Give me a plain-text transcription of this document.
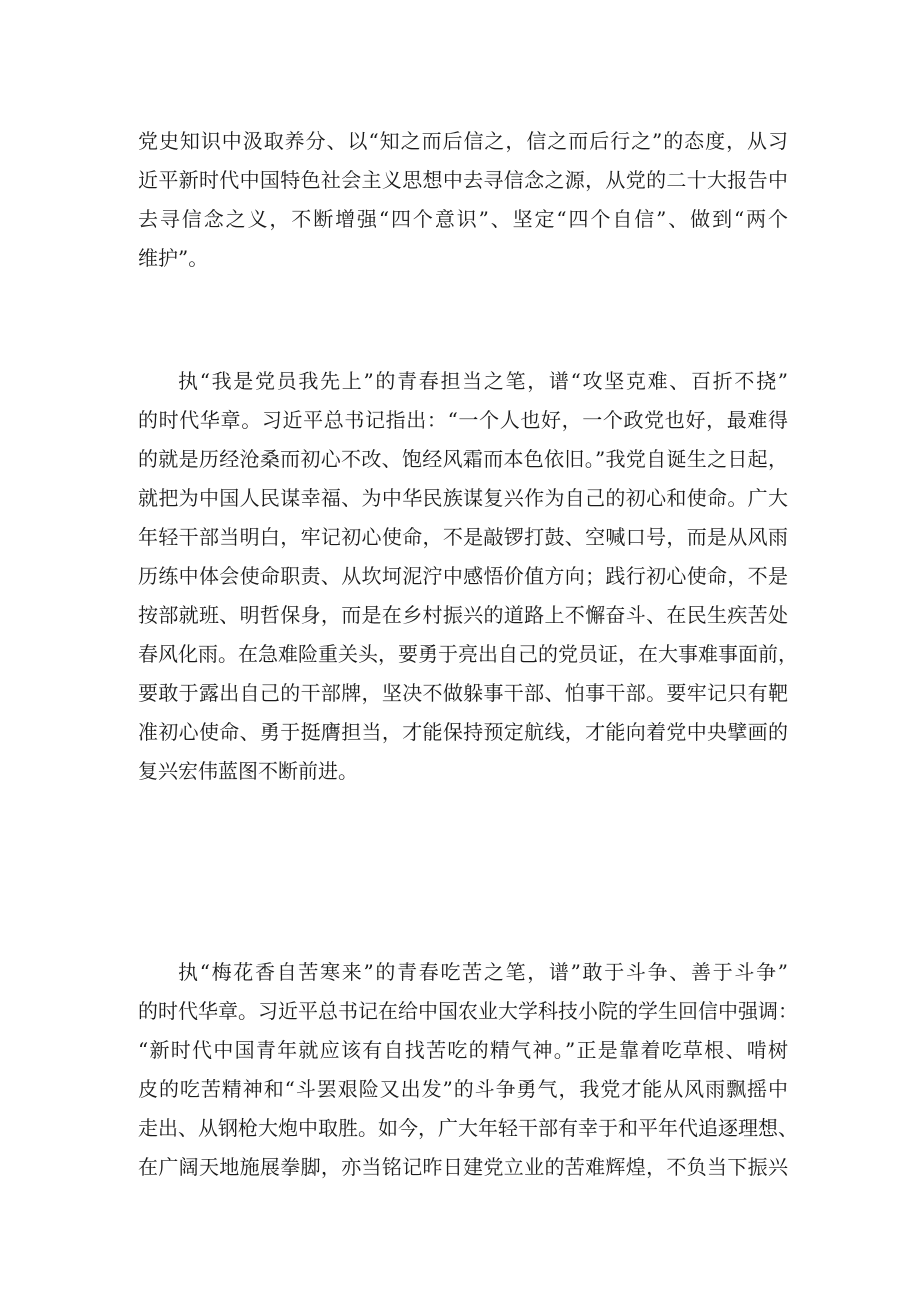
党史知识中汲取养分、以“知之而后信之，信之而后行之”的态度，从习
近平新时代中国特色社会主义思想中去寻信念之源，从党的二十大报告中
去寻信念之义，不断增强“四个意识”、坚定“四个自信”、做到“两个
维护”。
执“我是党员我先上”的青春担当之笔，谱“攻坚克难、百折不挠”
的时代华章。习近平总书记指出：“一个人也好，一个政党也好，最难得
的就是历经沧桑而初心不改、饱经风霜而本色依旧。”我党自诞生之日起，
就把为中国人民谋幸福、为中华民族谋复兴作为自己的初心和使命。广大
年轻干部当明白，牢记初心使命，不是敲锣打鼓、空喊口号，而是从风雨
历练中体会使命职责、从坎坷泥泞中感悟价值方向；践行初心使命，不是
按部就班、明哲保身，而是在乡村振兴的道路上不懈奋斗、在民生疾苦处
春风化雨。在急难险重关头，要勇于亮出自己的党员证，在大事难事面前，
要敢于露出自己的干部牌，坚决不做躲事干部、怕事干部。要牢记只有靶
准初心使命、勇于挺膺担当，才能保持预定航线，才能向着党中央擘画的
复兴宏伟蓝图不断前进。
执“梅花香自苦寒来”的青春吃苦之笔，谱”敢于斗争、善于斗争”
的时代华章。习近平总书记在给中国农业大学科技小院的学生回信中强调：
“新时代中国青年就应该有自找苦吃的精气神。”正是靠着吃草根、啃树
皮的吃苦精神和“斗罢艰险又出发”的斗争勇气，我党才能从风雨飘摇中
走出、从钢枪大炮中取胜。如今，广大年轻干部有幸于和平年代追逐理想、
在广阔天地施展拳脚，亦当铭记昨日建党立业的苦难辉煌，不负当下振兴
